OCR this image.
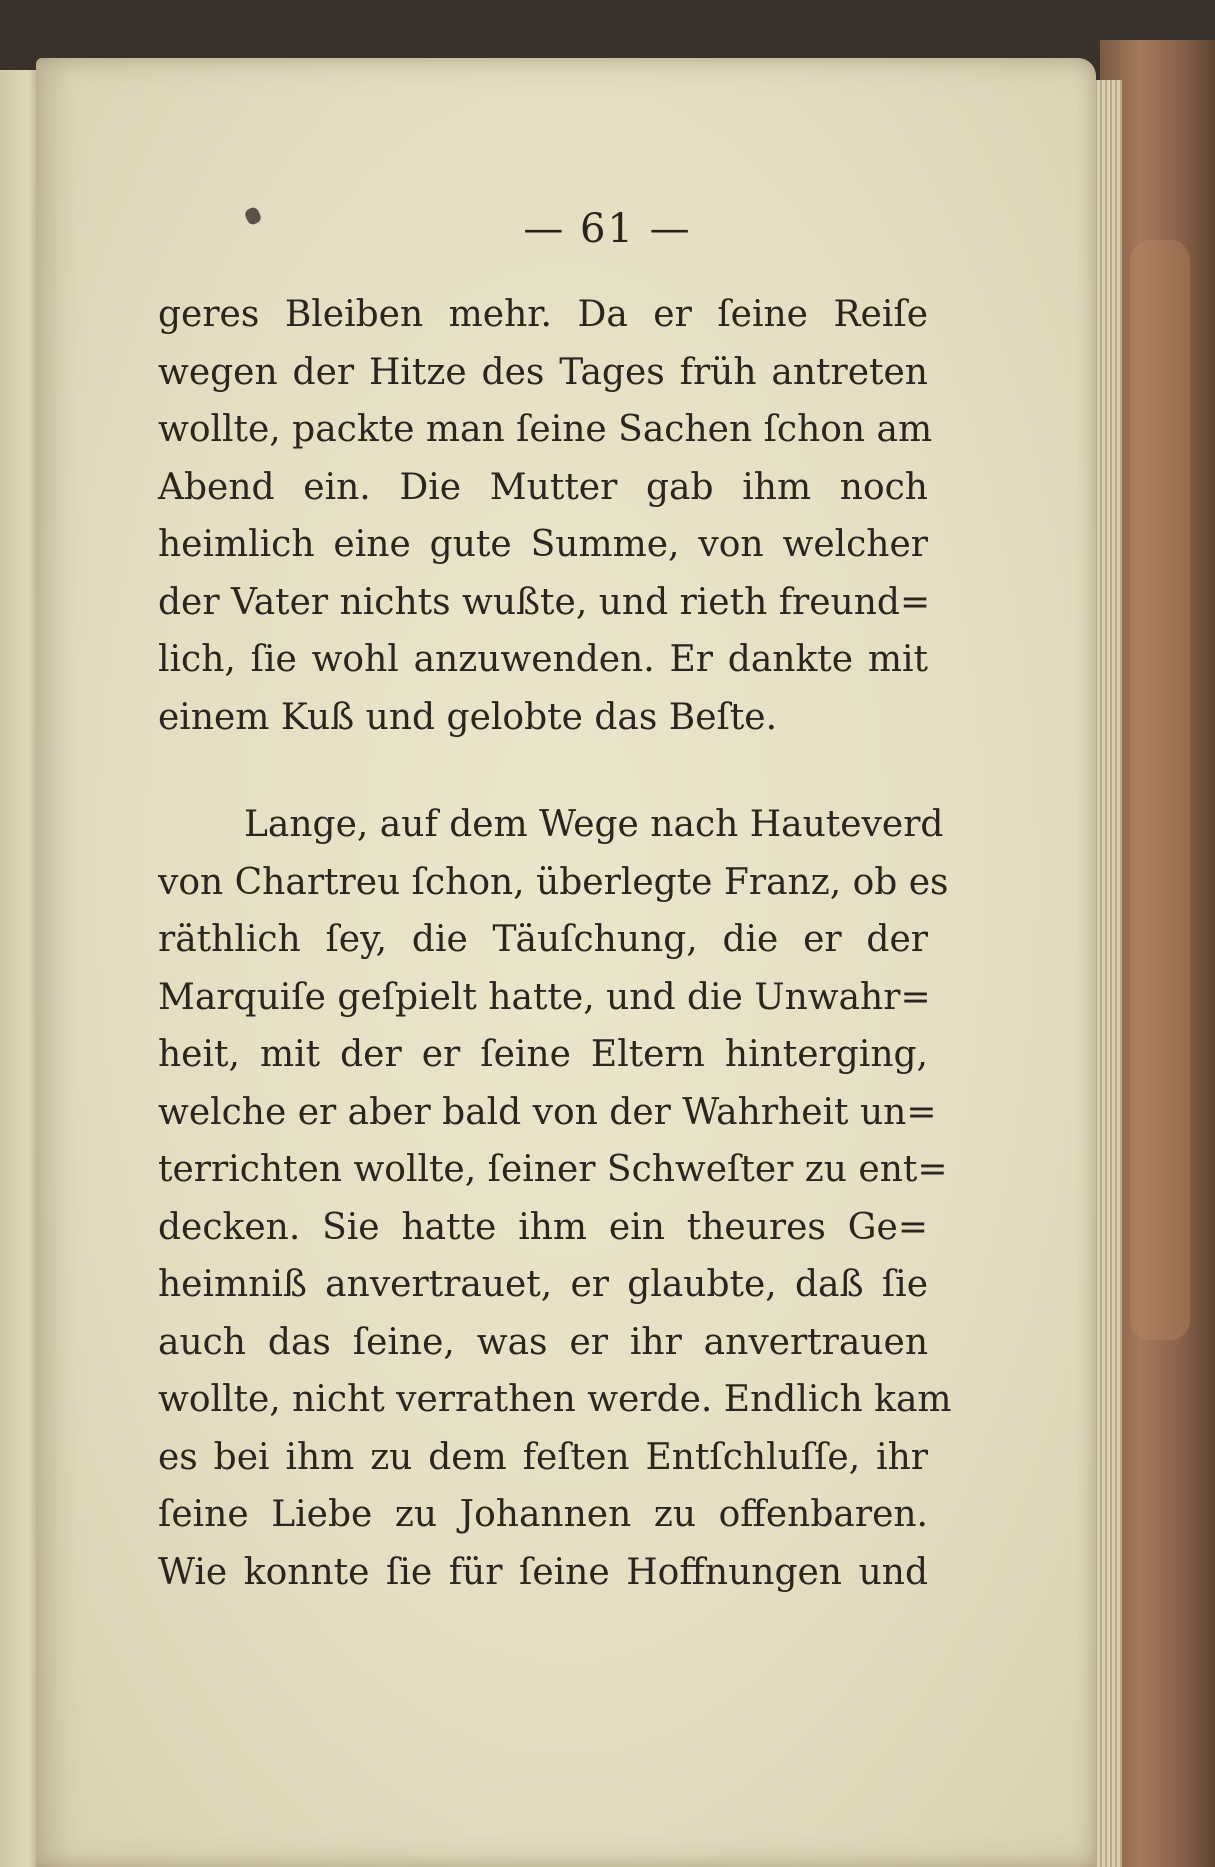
— 61 —
geres Bleiben mehr. Da er ſeine Reiſe
wegen der Hitze des Tages früh antreten
wollte, packte man ſeine Sachen ſchon am
Abend ein. Die Mutter gab ihm noch
heimlich eine gute Summe, von welcher
der Vater nichts wußte, und rieth freund=
lich, ſie wohl anzuwenden. Er dankte mit
einem Kuß und gelobte das Beſte.
Lange, auf dem Wege nach Hauteverd
von Chartreu ſchon, überlegte Franz, ob es
räthlich ſey, die Täuſchung, die er der
Marquiſe geſpielt hatte, und die Unwahr=
heit, mit der er ſeine Eltern hinterging,
welche er aber bald von der Wahrheit un=
terrichten wollte, ſeiner Schweſter zu ent=
decken. Sie hatte ihm ein theures Ge=
heimniß anvertrauet, er glaubte, daß ſie
auch das ſeine, was er ihr anvertrauen
wollte, nicht verrathen werde. Endlich kam
es bei ihm zu dem feſten Entſchluſſe, ihr
ſeine Liebe zu Johannen zu offenbaren.
Wie konnte ſie für ſeine Hoffnungen und
